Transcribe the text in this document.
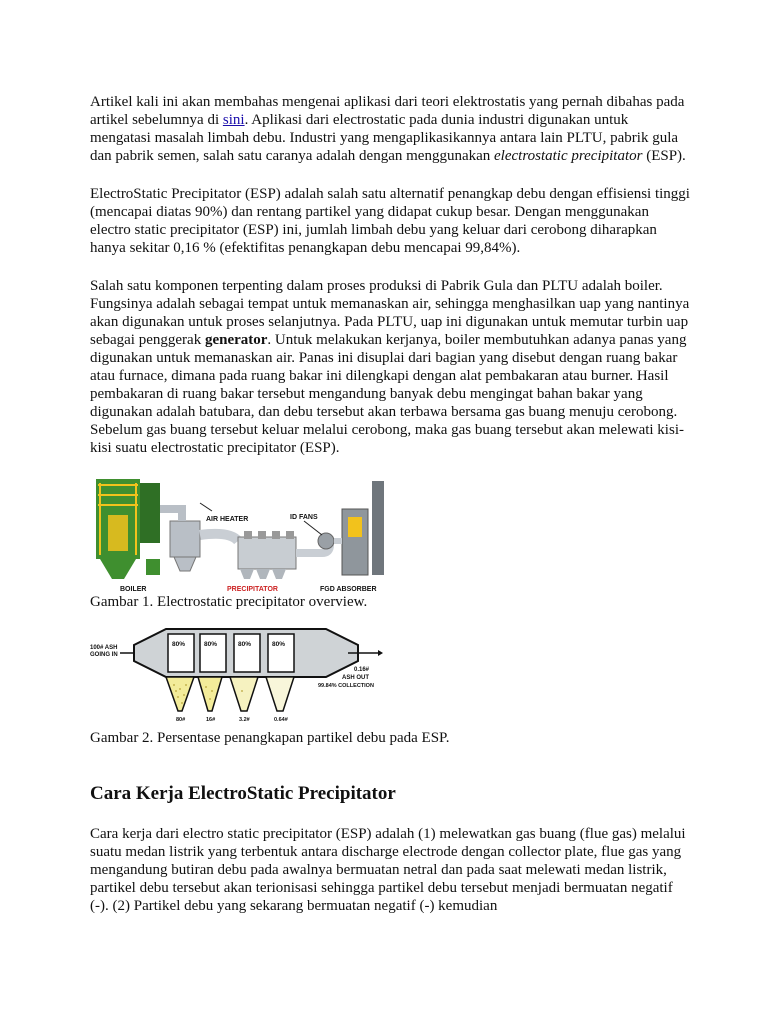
Artikel kali ini akan membahas mengenai aplikasi dari teori elektrostatis yang pernah dibahas pada artikel sebelumnya di sini. Aplikasi dari electrostatic pada dunia industri digunakan untuk mengatasi masalah limbah debu. Industri yang mengaplikasikannya antara lain PLTU, pabrik gula dan pabrik semen, salah satu caranya adalah dengan menggunakan electrostatic precipitator (ESP).

ElectroStatic Precipitator (ESP) adalah salah satu alternatif penangkap debu dengan effisiensi tinggi (mencapai diatas 90%) dan rentang partikel yang didapat cukup besar. Dengan menggunakan electro static precipitator (ESP) ini, jumlah limbah debu yang keluar dari cerobong diharapkan hanya sekitar 0,16 % (efektifitas penangkapan debu mencapai 99,84%).

Salah satu komponen terpenting dalam proses produksi di Pabrik Gula dan PLTU adalah boiler. Fungsinya adalah sebagai tempat untuk memanaskan air, sehingga menghasilkan uap yang nantinya akan digunakan untuk proses selanjutnya. Pada PLTU, uap ini digunakan untuk memutar turbin uap sebagai penggerak generator. Untuk melakukan kerjanya, boiler membutuhkan adanya panas yang digunakan untuk memanaskan air. Panas ini disuplai dari bagian yang disebut dengan ruang bakar atau furnace, dimana pada ruang bakar ini dilengkapi dengan alat pembakaran atau burner. Hasil pembakaran di ruang bakar tersebut mengandung banyak debu mengingat bahan bakar yang digunakan adalah batubara, dan debu tersebut akan terbawa bersama gas buang menuju cerobong. Sebelum gas buang tersebut keluar melalui cerobong, maka gas buang tersebut akan melewati kisi-kisi suatu electrostatic precipitator (ESP).

AIR HEATER
PRECIPITATOR
ID FANS
BOILER	FGD ABSORBER

Gambar 1. Electrostatic precipitator overview.

100# ASH
GOING IN
80%	80%	80%	80%
80#	16#	3.2#	0.64#
0.16#
ASH OUT
99.84% COLLECTION

Gambar 2. Persentase penangkapan partikel debu pada ESP.

Cara Kerja ElectroStatic Precipitator

Cara kerja dari electro static precipitator (ESP) adalah (1) melewatkan gas buang (flue gas) melalui suatu medan listrik yang terbentuk antara discharge electrode dengan collector plate, flue gas yang mengandung butiran debu pada awalnya bermuatan netral dan pada saat melewati medan listrik, partikel debu tersebut akan terionisasi sehingga partikel debu tersebut menjadi bermuatan negatif (-). (2) Partikel debu yang sekarang bermuatan negatif (-) kemudian
